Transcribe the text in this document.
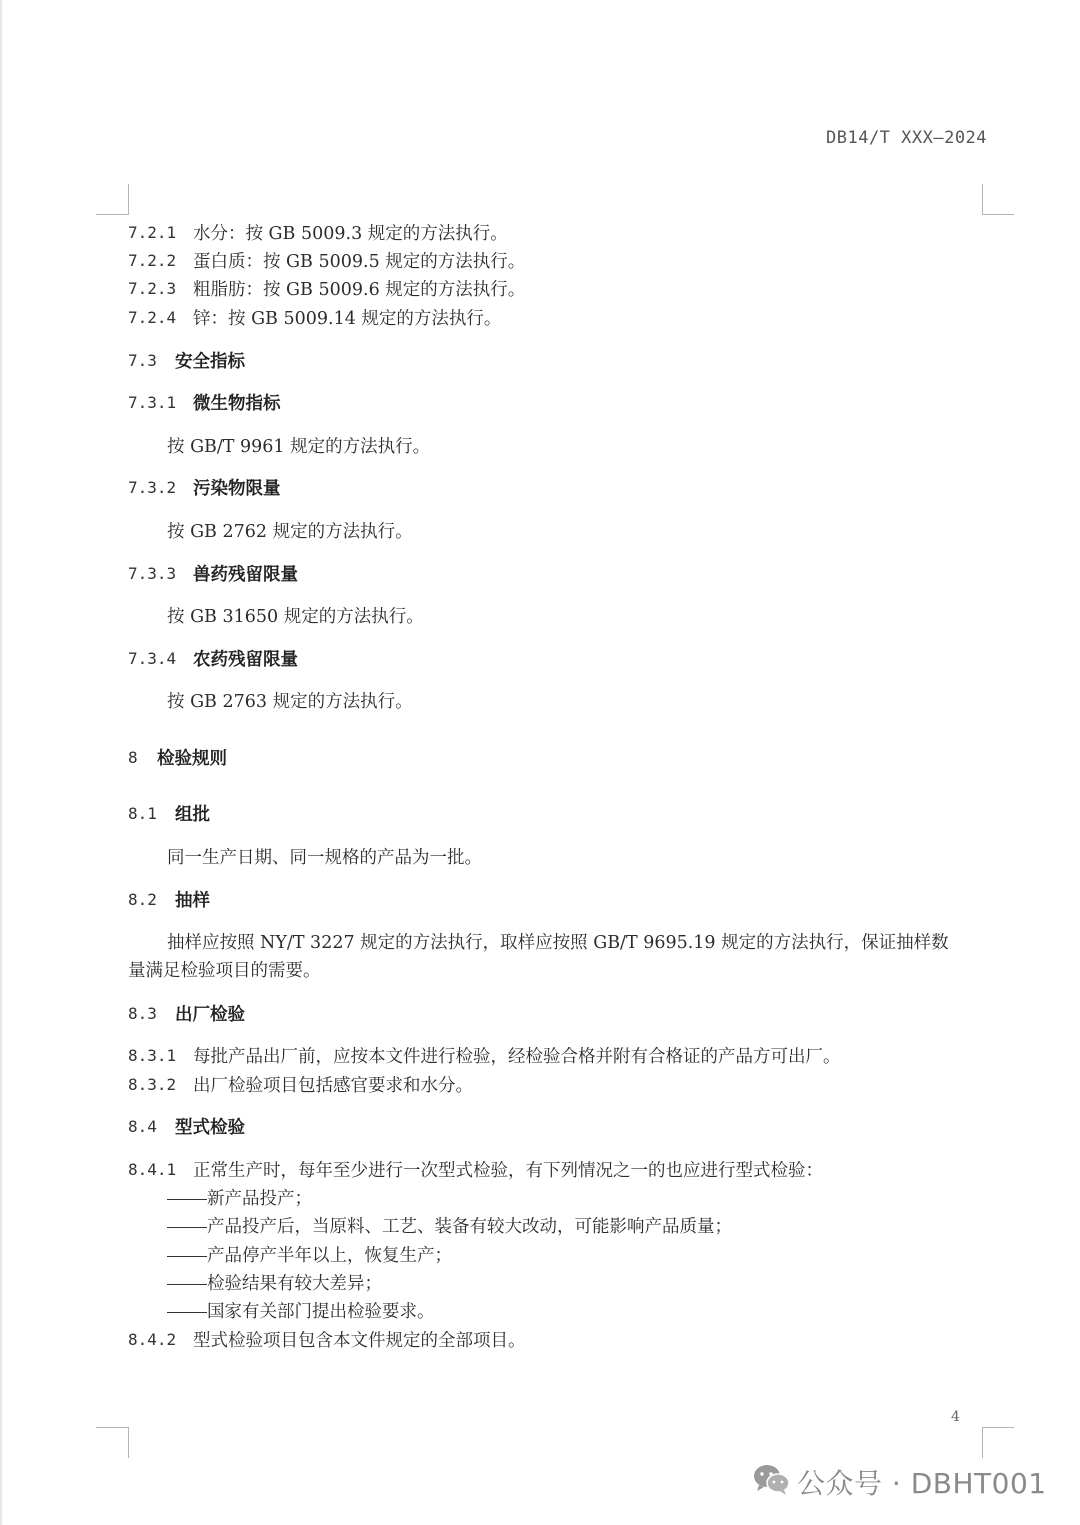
DB14/T XXX—2024
7.2.1 水分：按 GB 5009.3 规定的方法执行。
7.2.2 蛋白质：按 GB 5009.5 规定的方法执行。
7.2.3 粗脂肪：按 GB 5009.6 规定的方法执行。
7.2.4 锌：按 GB 5009.14 规定的方法执行。
7.3 安全指标
7.3.1 微生物指标
按 GB/T 9961 规定的方法执行。
7.3.2 污染物限量
按 GB 2762 规定的方法执行。
7.3.3 兽药残留限量
按 GB 31650 规定的方法执行。
7.3.4 农药残留限量
按 GB 2763 规定的方法执行。
8 检验规则
8.1 组批
同一生产日期、同一规格的产品为一批。
8.2 抽样
抽样应按照 NY/T 3227 规定的方法执行，取样应按照 GB/T 9695.19 规定的方法执行，保证抽样数
量满足检验项目的需要。
8.3 出厂检验
8.3.1 每批产品出厂前，应按本文件进行检验，经检验合格并附有合格证的产品方可出厂。
8.3.2 出厂检验项目包括感官要求和水分。
8.4 型式检验
8.4.1 正常生产时，每年至少进行一次型式检验，有下列情况之一的也应进行型式检验：
新产品投产；
产品投产后，当原料、工艺、装备有较大改动，可能影响产品质量；
产品停产半年以上，恢复生产；
检验结果有较大差异；
国家有关部门提出检验要求。
8.4.2 型式检验项目包含本文件规定的全部项目。
4
公众号 · DBHT001
